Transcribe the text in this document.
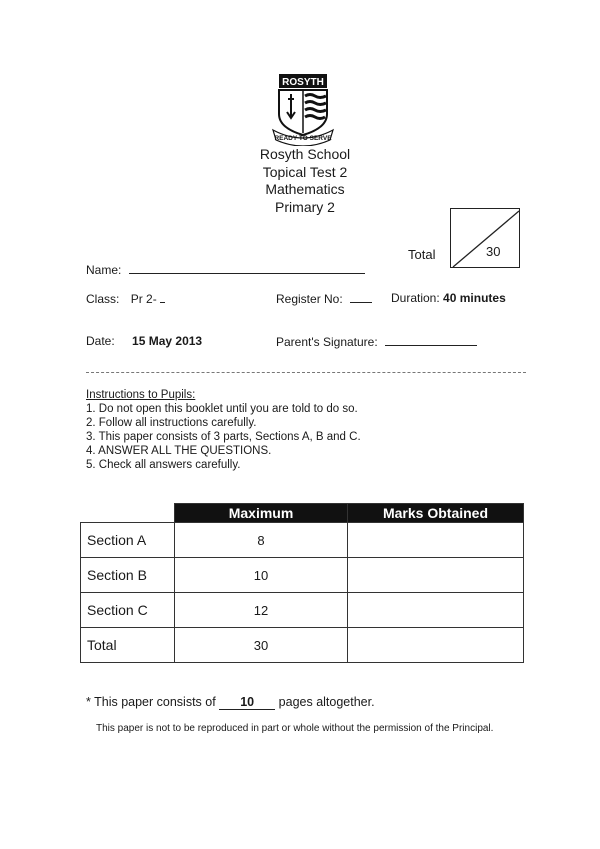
ROSYTH
READY TO SERVE
Rosyth School
Topical Test 2
Mathematics
Primary 2
Total	30
Name:
Class: Pr 2-	Register No:	Duration: 40 minutes
Date: 15 May 2013	Parent's Signature:
Instructions to Pupils:
1. Do not open this booklet until you are told to do so.
2. Follow all instructions carefully.
3. This paper consists of 3 parts, Sections A, B and C.
4. ANSWER ALL THE QUESTIONS.
5. Check all answers carefully.
	Maximum	Marks Obtained
Section A	8	
Section B	10	
Section C	12	
Total	30	
* This paper consists of 10 pages altogether.
This paper is not to be reproduced in part or whole without the permission of the Principal.
